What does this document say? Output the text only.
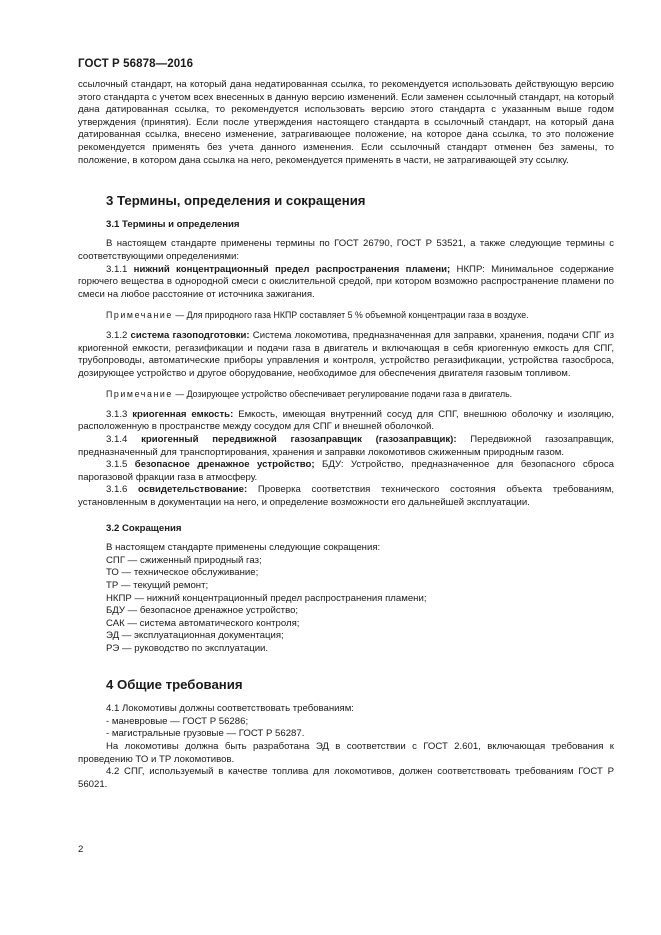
ГОСТ Р 56878—2016

ссылочный стандарт, на который дана недатированная ссылка, то рекомендуется использовать действующую версию этого стандарта с учетом всех внесенных в данную версию изменений. Если заменен ссылочный стандарт, на который дана датированная ссылка, то рекомендуется использовать версию этого стандарта с указанным выше годом утверждения (принятия). Если после утверждения настоящего стандарта в ссылочный стандарт, на который дана датированная ссылка, внесено изменение, затрагивающее положение, на которое дана ссылка, то это положение рекомендуется применять без учета данного изменения. Если ссылочный стандарт отменен без замены, то положение, в котором дана ссылка на него, рекомендуется применять в части, не затрагивающей эту ссылку.

3 Термины, определения и сокращения

3.1 Термины и определения

В настоящем стандарте применены термины по ГОСТ 26790, ГОСТ Р 53521, а также следующие термины с соответствующими определениями:

3.1.1 нижний концентрационный предел распространения пламени; НКПР: Минимальное содержание горючего вещества в однородной смеси с окислительной средой, при котором возможно распространение пламени по смеси на любое расстояние от источника зажигания.

Примечание — Для природного газа НКПР составляет 5 % объемной концентрации газа в воздухе.

3.1.2 система газоподготовки: Система локомотива, предназначенная для заправки, хранения, подачи СПГ из криогенной емкости, регазификации и подачи газа в двигатель и включающая в себя криогенную емкость для СПГ, трубопроводы, автоматические приборы управления и контроля, устройство регазификации, устройства газосброса, дозирующее устройство и другое оборудование, необходимое для обеспечения двигателя газовым топливом.

Примечание — Дозирующее устройство обеспечивает регулирование подачи газа в двигатель.

3.1.3 криогенная емкость: Емкость, имеющая внутренний сосуд для СПГ, внешнюю оболочку и изоляцию, расположенную в пространстве между сосудом для СПГ и внешней оболочкой.

3.1.4 криогенный передвижной газозаправщик (газозаправщик): Передвижной газозаправщик, предназначенный для транспортирования, хранения и заправки локомотивов сжиженным природным газом.

3.1.5 безопасное дренажное устройство; БДУ: Устройство, предназначенное для безопасного сброса парогазовой фракции газа в атмосферу.

3.1.6 освидетельствование: Проверка соответствия технического состояния объекта требованиям, установленным в документации на него, и определение возможности его дальнейшей эксплуатации.

3.2 Сокращения

В настоящем стандарте применены следующие сокращения:

СПГ — сжиженный природный газ;

ТО — техническое обслуживание;

ТР — текущий ремонт;

НКПР — нижний концентрационный предел распространения пламени;

БДУ — безопасное дренажное устройство;

САК — система автоматического контроля;

ЭД — эксплуатационная документация;

РЭ — руководство по эксплуатации.

4 Общие требования

4.1 Локомотивы должны соответствовать требованиям:

- маневровые — ГОСТ Р 56286;

- магистральные грузовые — ГОСТ Р 56287.

На локомотивы должна быть разработана ЭД в соответствии с ГОСТ 2.601, включающая требования к проведению ТО и ТР локомотивов.

4.2 СПГ, используемый в качестве топлива для локомотивов, должен соответствовать требованиям ГОСТ Р 56021.

2
